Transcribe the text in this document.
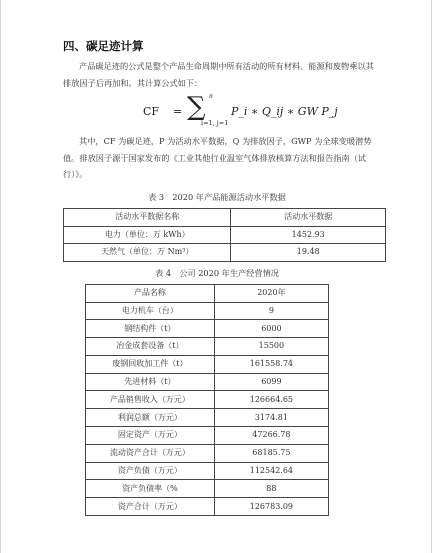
四、碳足迹计算
产品碳足迹的公式是整个产品生命周期中所有活动的所有材料、能源和废物乘以其排放因子后再加和。其计算公式如下：
CF = ∑ n
i=1, j=1
P_i ∗ Q_ij ∗ GW P_j
其中，CF 为碳足迹，P 为活动水平数据，Q 为排放因子，GWP 为全球变暖潜势值。排放因子源于国家发布的《工业其他行业温室气体排放核算方法和报告指南（试行）》。
表 3　2020 年产品能源活动水平数据
活动水平数据名称	活动水平数据
电力（单位：万 kWh）	1452.93
天然气（单位：万 Nm³）	19.48
表 4　公司 2020 年生产经营情况
产品名称	2020年
电力机车（台）	9
钢结构件（t）	6000
冶金成套设备（t）	15500
废钢回收加工件（t）	161558.74
先进材料（t）	6099
产品销售收入（万元）	126664.65
利润总额（万元）	3174.81
固定资产（万元）	47266.78
流动资产合计（万元）	68185.75
资产负债（万元）	112542.64
资产负债率（%	88
资产合计（万元）	126783.09
